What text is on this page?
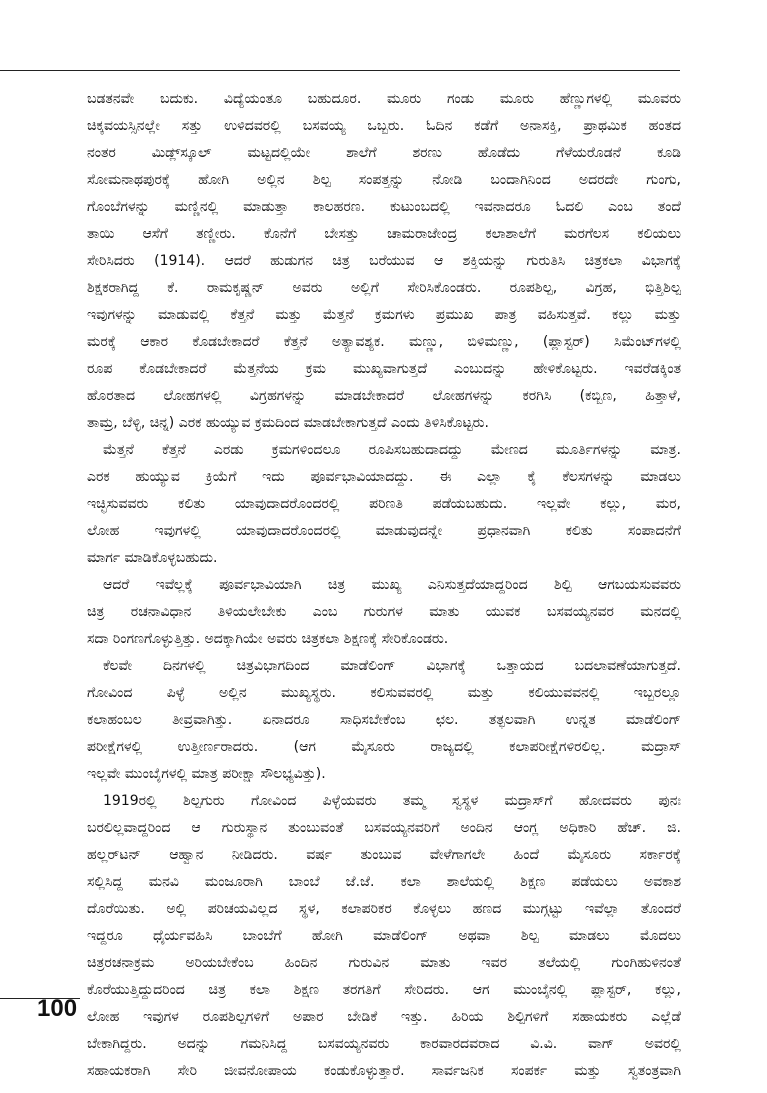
ಬಡತನವೇ ಬದುಕು. ವಿದ್ಯೆಯಂತೂ ಬಹುದೂರ. ಮೂರು ಗಂಡು ಮೂರು ಹೆಣ್ಣುಗಳಲ್ಲಿ ಮೂವರು
ಚಿಕ್ಕವಯಸ್ಸಿನಲ್ಲೇ ಸತ್ತು ಉಳಿದವರಲ್ಲಿ ಬಸವಯ್ಯ ಒಬ್ಬರು. ಓದಿನ ಕಡೆಗೆ ಅನಾಸಕ್ತಿ, ಪ್ರಾಥಮಿಕ ಹಂತದ
ನಂತರ ಮಿಡ್ಲ್‌ಸ್ಕೂಲ್ ಮಟ್ಟದಲ್ಲಿಯೇ ಶಾಲೆಗೆ ಶರಣು ಹೊಡೆದು ಗೆಳೆಯರೊಡನೆ ಕೂಡಿ
ಸೋಮನಾಥಪುರಕ್ಕೆ ಹೋಗಿ ಅಲ್ಲಿನ ಶಿಲ್ಪ ಸಂಪತ್ತನ್ನು ನೋಡಿ ಬಂದಾಗಿನಿಂದ ಅದರದೇ ಗುಂಗು,
ಗೊಂಬೆಗಳನ್ನು ಮಣ್ಣಿನಲ್ಲಿ ಮಾಡುತ್ತಾ ಕಾಲಹರಣ. ಕುಟುಂಬದಲ್ಲಿ ಇವನಾದರೂ ಓದಲಿ ಎಂಬ ತಂದೆ
ತಾಯಿ ಆಸೆಗೆ ತಣ್ಣೀರು. ಕೊನೆಗೆ ಬೇಸತ್ತು ಚಾಮರಾಜೇಂದ್ರ ಕಲಾಶಾಲೆಗೆ ಮರಗೆಲಸ ಕಲಿಯಲು
ಸೇರಿಸಿದರು (1914). ಆದರೆ ಹುಡುಗನ ಚಿತ್ರ ಬರೆಯುವ ಆ ಶಕ್ತಿಯನ್ನು ಗುರುತಿಸಿ ಚಿತ್ರಕಲಾ ವಿಭಾಗಕ್ಕೆ
ಶಿಕ್ಷಕರಾಗಿದ್ದ ಕೆ. ರಾಮಕೃಷ್ಣನ್ ಅವರು ಅಲ್ಲಿಗೆ ಸೇರಿಸಿಕೊಂಡರು. ರೂಪಶಿಲ್ಪ, ವಿಗ್ರಹ, ಭಿತ್ತಿಶಿಲ್ಪ
ಇವುಗಳನ್ನು ಮಾಡುವಲ್ಲಿ ಕೆತ್ತನೆ ಮತ್ತು ಮೆತ್ತನೆ ಕ್ರಮಗಳು ಪ್ರಮುಖ ಪಾತ್ರ ವಹಿಸುತ್ತವೆ. ಕಲ್ಲು ಮತ್ತು
ಮರಕ್ಕೆ ಆಕಾರ ಕೊಡಬೇಕಾದರೆ ಕೆತ್ತನೆ ಅತ್ಯಾವಶ್ಯಕ. ಮಣ್ಣು, ಬಿಳಿಮಣ್ಣು, (ಪ್ಲಾಸ್ಟರ್) ಸಿಮೆಂಟ್‌ಗಳಲ್ಲಿ
ರೂಪ ಕೊಡಬೇಕಾದರೆ ಮೆತ್ತನೆಯ ಕ್ರಮ ಮುಖ್ಯವಾಗುತ್ತದೆ ಎಂಬುದನ್ನು ಹೇಳಿಕೊಟ್ಟರು. ಇವರೆಡಕ್ಕಿಂತ
ಹೊರತಾದ ಲೋಹಗಳಲ್ಲಿ ವಿಗ್ರಹಗಳನ್ನು ಮಾಡಬೇಕಾದರೆ ಲೋಹಗಳನ್ನು ಕರಗಿಸಿ (ಕಬ್ಬಿಣ, ಹಿತ್ತಾಳೆ,
ತಾಮ್ರ, ಬೆಳ್ಳಿ, ಚಿನ್ನ) ಎರಕ ಹುಯ್ಯುವ ಕ್ರಮದಿಂದ ಮಾಡಬೇಕಾಗುತ್ತದೆ ಎಂದು ತಿಳಿಸಿಕೊಟ್ಟರು.
ಮೆತ್ತನೆ ಕೆತ್ತನೆ ಎರಡು ಕ್ರಮಗಳಿಂದಲೂ ರೂಪಿಸಬಹುದಾದದ್ದು ಮೇಣದ ಮೂರ್ತಿಗಳನ್ನು ಮಾತ್ರ.
ಎರಕ ಹುಯ್ಯುವ ಕ್ರಿಯೆಗೆ ಇದು ಪೂರ್ವಭಾವಿಯಾದದ್ದು. ಈ ಎಲ್ಲಾ ಕೈ ಕೆಲಸಗಳನ್ನು ಮಾಡಲು
ಇಚ್ಛಿಸುವವರು ಕಲಿತು ಯಾವುದಾದರೊಂದರಲ್ಲಿ ಪರಿಣತಿ ಪಡೆಯಬಹುದು. ಇಲ್ಲವೇ ಕಲ್ಲು, ಮರ,
ಲೋಹ ಇವುಗಳಲ್ಲಿ ಯಾವುದಾದರೊಂದರಲ್ಲಿ ಮಾಡುವುದನ್ನೇ ಪ್ರಧಾನವಾಗಿ ಕಲಿತು ಸಂಪಾದನೆಗೆ
ಮಾರ್ಗ ಮಾಡಿಕೊಳ್ಳಬಹುದು.
ಆದರೆ ಇವೆಲ್ಲಕ್ಕೆ ಪೂರ್ವಭಾವಿಯಾಗಿ ಚಿತ್ರ ಮುಖ್ಯ ಎನಿಸುತ್ತದೆಯಾದ್ದರಿಂದ ಶಿಲ್ಪಿ ಆಗಬಯಸುವವರು
ಚಿತ್ರ ರಚನಾವಿಧಾನ ತಿಳಿಯಲೇಬೇಕು ಎಂಬ ಗುರುಗಳ ಮಾತು ಯುವಕ ಬಸವಯ್ಯನವರ ಮನದಲ್ಲಿ
ಸದಾ ರಿಂಗಣಗೊಳ್ಳುತ್ತಿತ್ತು. ಅದಕ್ಕಾಗಿಯೇ ಅವರು ಚಿತ್ರಕಲಾ ಶಿಕ್ಷಣಕ್ಕೆ ಸೇರಿಕೊಂಡರು.
ಕೆಲವೇ ದಿನಗಳಲ್ಲಿ ಚಿತ್ರವಿಭಾಗದಿಂದ ಮಾಡೆಲಿಂಗ್ ವಿಭಾಗಕ್ಕೆ ಒತ್ತಾಯದ ಬದಲಾವಣೆಯಾಗುತ್ತದೆ.
ಗೋವಿಂದ ಪಿಳ್ಳೆ ಅಲ್ಲಿನ ಮುಖ್ಯಸ್ಥರು. ಕಲಿಸುವವರಲ್ಲಿ ಮತ್ತು ಕಲಿಯುವವನಲ್ಲಿ ಇಬ್ಬರಲ್ಲೂ
ಕಲಾಹಂಬಲ ತೀವ್ರವಾಗಿತ್ತು. ಏನಾದರೂ ಸಾಧಿಸಬೇಕೆಂಬ ಛಲ. ತತ್ಫಲವಾಗಿ ಉನ್ನತ ಮಾಡೆಲಿಂಗ್
ಪರೀಕ್ಷೆಗಳಲ್ಲಿ ಉತ್ತೀರ್ಣರಾದರು. (ಆಗ ಮೈಸೂರು ರಾಜ್ಯದಲ್ಲಿ ಕಲಾಪರೀಕ್ಷೆಗಳಿರಲಿಲ್ಲ. ಮದ್ರಾಸ್
ಇಲ್ಲವೇ ಮುಂಬೈಗಳಲ್ಲಿ ಮಾತ್ರ ಪರೀಕ್ಷಾ ಸೌಲಭ್ಯವಿತ್ತು).
1919ರಲ್ಲಿ ಶಿಲ್ಪಗುರು ಗೋವಿಂದ ಪಿಳ್ಳೆಯವರು ತಮ್ಮ ಸ್ವಸ್ಥಳ ಮದ್ರಾಸ್‌ಗೆ ಹೋದವರು ಪುನಃ
ಬರಲಿಲ್ಲವಾದ್ದರಿಂದ ಆ ಗುರುಸ್ಥಾನ ತುಂಬುವಂತೆ ಬಸವಯ್ಯನವರಿಗೆ ಅಂದಿನ ಆಂಗ್ಲ ಅಧಿಕಾರಿ ಹೆಚ್. ಜಿ.
ಹಲ್ಲರ್‌ಟನ್ ಆಹ್ವಾನ ನೀಡಿದರು. ವರ್ಷ ತುಂಬುವ ವೇಳೆಗಾಗಲೇ ಹಿಂದೆ ಮೈಸೂರು ಸರ್ಕಾರಕ್ಕೆ
ಸಲ್ಲಿಸಿದ್ದ ಮನವಿ ಮಂಜೂರಾಗಿ ಬಾಂಬೆ ಜೆ.ಜೆ. ಕಲಾ ಶಾಲೆಯಲ್ಲಿ ಶಿಕ್ಷಣ ಪಡೆಯಲು ಅವಕಾಶ
ದೊರೆಯಿತು. ಅಲ್ಲಿ ಪರಿಚಯವಿಲ್ಲದ ಸ್ಥಳ, ಕಲಾಪರಿಕರ ಕೊಳ್ಳಲು ಹಣದ ಮುಗ್ಗಟ್ಟು ಇವೆಲ್ಲಾ ತೊಂದರೆ
ಇದ್ದರೂ ಧೈರ್ಯವಹಿಸಿ ಬಾಂಬೆಗೆ ಹೋಗಿ ಮಾಡೆಲಿಂಗ್ ಅಥವಾ ಶಿಲ್ಪ ಮಾಡಲು ಮೊದಲು
ಚಿತ್ರರಚನಾಕ್ರಮ ಅರಿಯಬೇಕೆಂಬ ಹಿಂದಿನ ಗುರುವಿನ ಮಾತು ಇವರ ತಲೆಯಲ್ಲಿ ಗುಂಗಿಹುಳಿನಂತೆ
ಕೊರೆಯುತ್ತಿದ್ದುದರಿಂದ ಚಿತ್ರ ಕಲಾ ಶಿಕ್ಷಣ ತರಗತಿಗೆ ಸೇರಿದರು. ಆಗ ಮುಂಬೈನಲ್ಲಿ ಪ್ಲಾಸ್ಟರ್, ಕಲ್ಲು,
ಲೋಹ ಇವುಗಳ ರೂಪಶಿಲ್ಪಗಳಿಗೆ ಅಪಾರ ಬೇಡಿಕೆ ಇತ್ತು. ಹಿರಿಯ ಶಿಲ್ಪಿಗಳಿಗೆ ಸಹಾಯಕರು ಎಲ್ಲೆಡೆ
ಬೇಕಾಗಿದ್ದರು. ಅದನ್ನು ಗಮನಿಸಿದ್ದ ಬಸವಯ್ಯನವರು ಕಾರವಾರದವರಾದ ವಿ.ವಿ. ವಾಗ್ ಅವರಲ್ಲಿ
ಸಹಾಯಕರಾಗಿ ಸೇರಿ ಜೀವನೋಪಾಯ ಕಂಡುಕೊಳ್ಳುತ್ತಾರೆ. ಸಾರ್ವಜನಿಕ ಸಂಪರ್ಕ ಮತ್ತು ಸ್ವತಂತ್ರವಾಗಿ
100
